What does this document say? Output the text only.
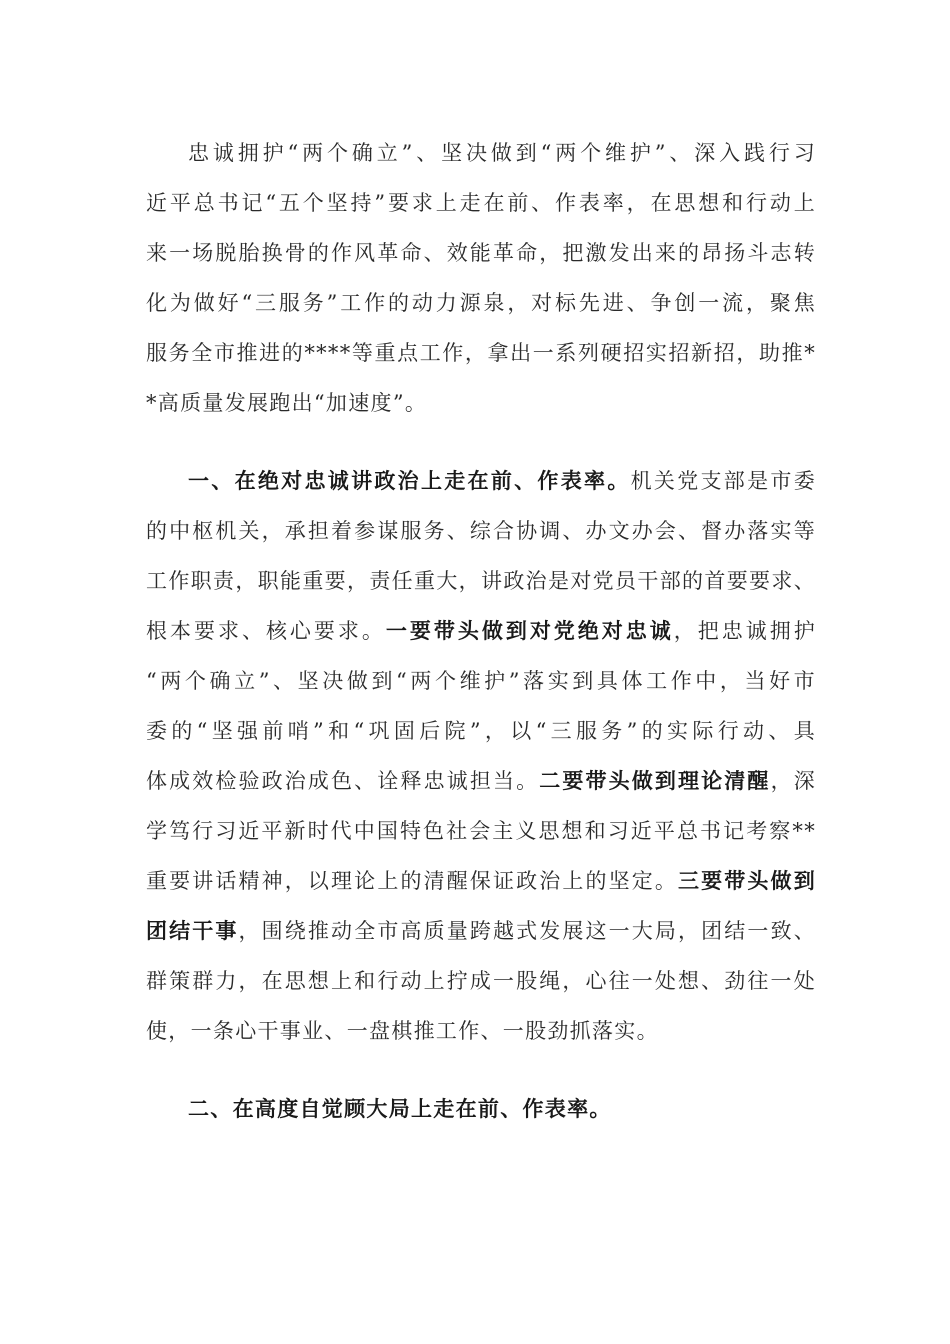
忠诚拥护“两个确立”、坚决做到“两个维护”、深入践行习
近平总书记“五个坚持”要求上走在前、作表率，在思想和行动上
来一场脱胎换骨的作风革命、效能革命，把激发出来的昂扬斗志转
化为做好“三服务”工作的动力源泉，对标先进、争创一流，聚焦
服务全市推进的****等重点工作，拿出一系列硬招实招新招，助推*
*高质量发展跑出“加速度”。
一、在绝对忠诚讲政治上走在前、作表率。机关党支部是市委
的中枢机关，承担着参谋服务、综合协调、办文办会、督办落实等
工作职责，职能重要，责任重大，讲政治是对党员干部的首要要求、
根本要求、核心要求。一要带头做到对党绝对忠诚，把忠诚拥护
“两个确立”、坚决做到“两个维护”落实到具体工作中，当好市
委的“坚强前哨”和“巩固后院”，以“三服务”的实际行动、具
体成效检验政治成色、诠释忠诚担当。二要带头做到理论清醒，深
学笃行习近平新时代中国特色社会主义思想和习近平总书记考察**
重要讲话精神，以理论上的清醒保证政治上的坚定。三要带头做到
团结干事，围绕推动全市高质量跨越式发展这一大局，团结一致、
群策群力，在思想上和行动上拧成一股绳，心往一处想、劲往一处
使，一条心干事业、一盘棋推工作、一股劲抓落实。
二、在高度自觉顾大局上走在前、作表率。
